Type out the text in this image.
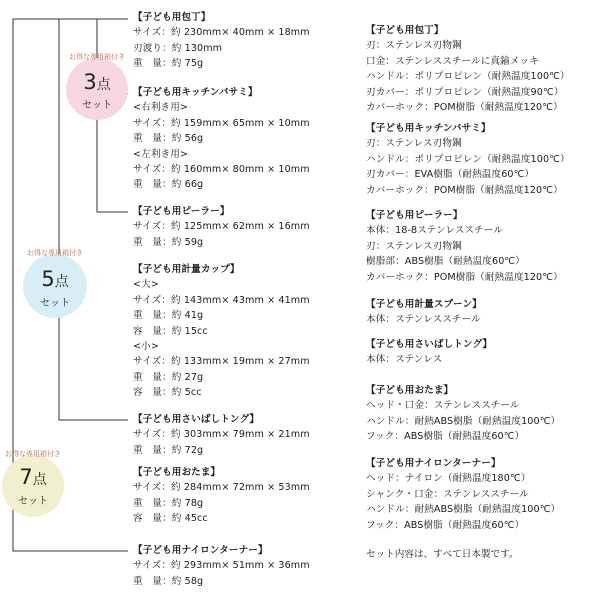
お得な専用箱付き
3点
セット
お得な専用箱付き
5点
セット
お得な専用箱付き
7点
セット
【子ども用包丁】
サイズ：約 230mm× 40mm × 18mm
刃渡り：約 130mm
重　量：約 75g
【子ども用キッチンバサミ】
<右利き用>
サイズ：約 159mm× 65mm × 10mm
重　量：約 56g
<左利き用>
サイズ：約 160mm× 80mm × 10mm
重　量：約 66g
【子ども用ピーラー】
サイズ：約 125mm× 62mm × 16mm
重　量：約 59g
【子ども用計量カップ】
<大>
サイズ：約 143mm× 43mm × 41mm
重　量：約 41g
容　量：約 15cc
<小>
サイズ：約 133mm× 19mm × 27mm
重　量：約 27g
容　量：約 5cc
【子ども用さいばしトング】
サイズ：約 303mm× 79mm × 21mm
重　量：約 72g
【子ども用おたま】
サイズ：約 284mm× 72mm × 53mm
重　量：約 78g
容　量：約 45cc
【子ども用ナイロンターナー】
サイズ：約 293mm× 51mm × 36mm
重　量：約 58g
【子ども用包丁】
刃：ステンレス刃物鋼
口金：ステンレススチールに真鍮メッキ
ハンドル：ポリプロピレン（耐熱温度100℃）
刃カバー：ポリプロピレン（耐熱温度90℃）
カバーホック：POM樹脂（耐熱温度120℃）
【子ども用キッチンバサミ】
刃：ステンレス刃物鋼
ハンドル：ポリプロピレン（耐熱温度100℃）
刃カバー：EVA樹脂（耐熱温度60℃）
カバーホック：POM樹脂（耐熱温度120℃）
【子ども用ピーラー】
本体：18-8ステンレススチール
刃：ステンレス刃物鋼
樹脂部：ABS樹脂（耐熱温度60℃）
カバーホック：POM樹脂（耐熱温度120℃）
【子ども用計量スプーン】
本体：ステンレススチール
【子ども用さいばしトング】
本体：ステンレス
【子ども用おたま】
ヘッド・口金：ステンレススチール
ハンドル：耐熱ABS樹脂（耐熱温度100℃）
フック：ABS樹脂（耐熱温度60℃）
【子ども用ナイロンターナー】
ヘッド：ナイロン（耐熱温度180℃）
シャンク・口金：ステンレススチール
ハンドル：耐熱ABS樹脂（耐熱温度100℃）
フック：ABS樹脂（耐熱温度60℃）
セット内容は、すべて日本製です。
